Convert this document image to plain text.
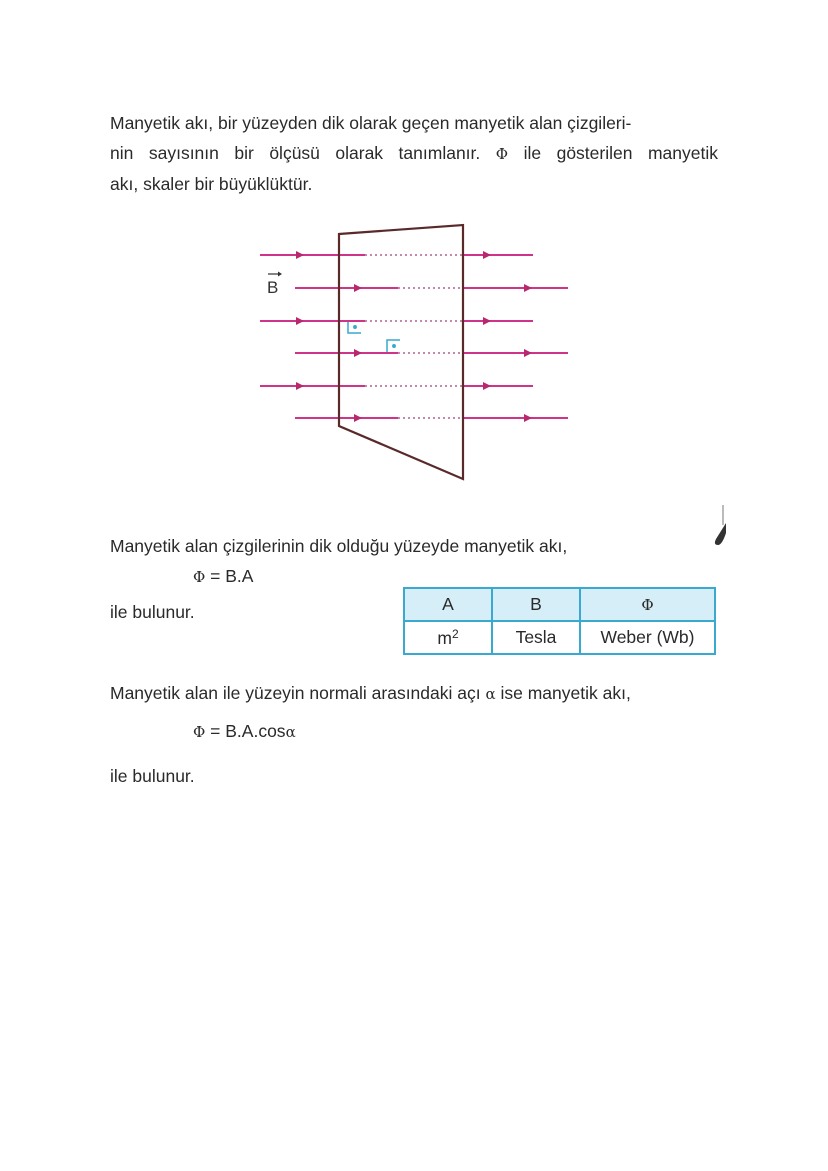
Manyetik akı, bir yüzeyden dik olarak geçen manyetik alan çizgileri-
nin sayısının bir ölçüsü olarak tanımlanır. Φ ile gösterilen manyetik
akı, skaler bir büyüklüktür.
B
Manyetik alan çizgilerinin dik olduğu yüzeyde manyetik akı,
Φ = B.A
ile bulunur.	A	B	Φ
$m^2$	Tesla	Weber (Wb)
Manyetik alan ile yüzeyin normali arasındaki açı α ise manyetik akı,
Φ = B.A.cosα
ile bulunur.
